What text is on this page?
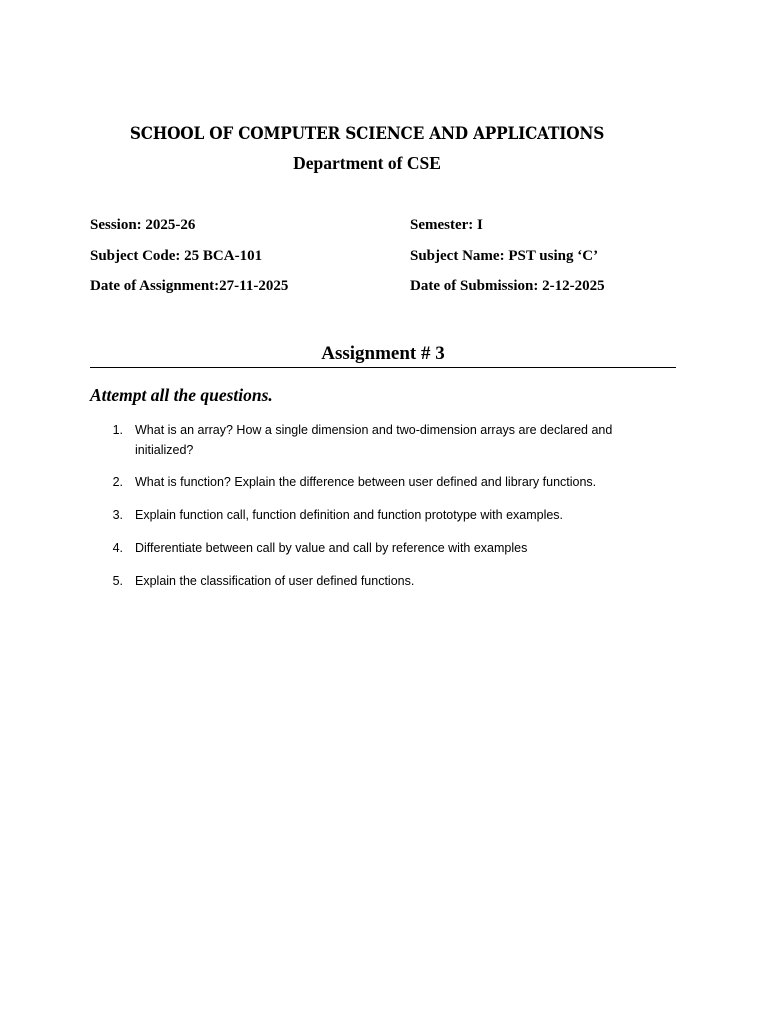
SCHOOL OF COMPUTER SCIENCE AND APPLICATIONS
Department of CSE
Session: 2025-26	Semester: I
Subject Code: 25 BCA-101	Subject Name: PST using ‘C’
Date of Assignment:27-11-2025	Date of Submission: 2-12-2025
Assignment # 3
Attempt all the questions.
1. What is an array? How a single dimension and two-dimension arrays are declared and initialized?
2. What is function? Explain the difference between user defined and library functions.
3. Explain function call, function definition and function prototype with examples.
4. Differentiate between call by value and call by reference with examples
5. Explain the classification of user defined functions.
